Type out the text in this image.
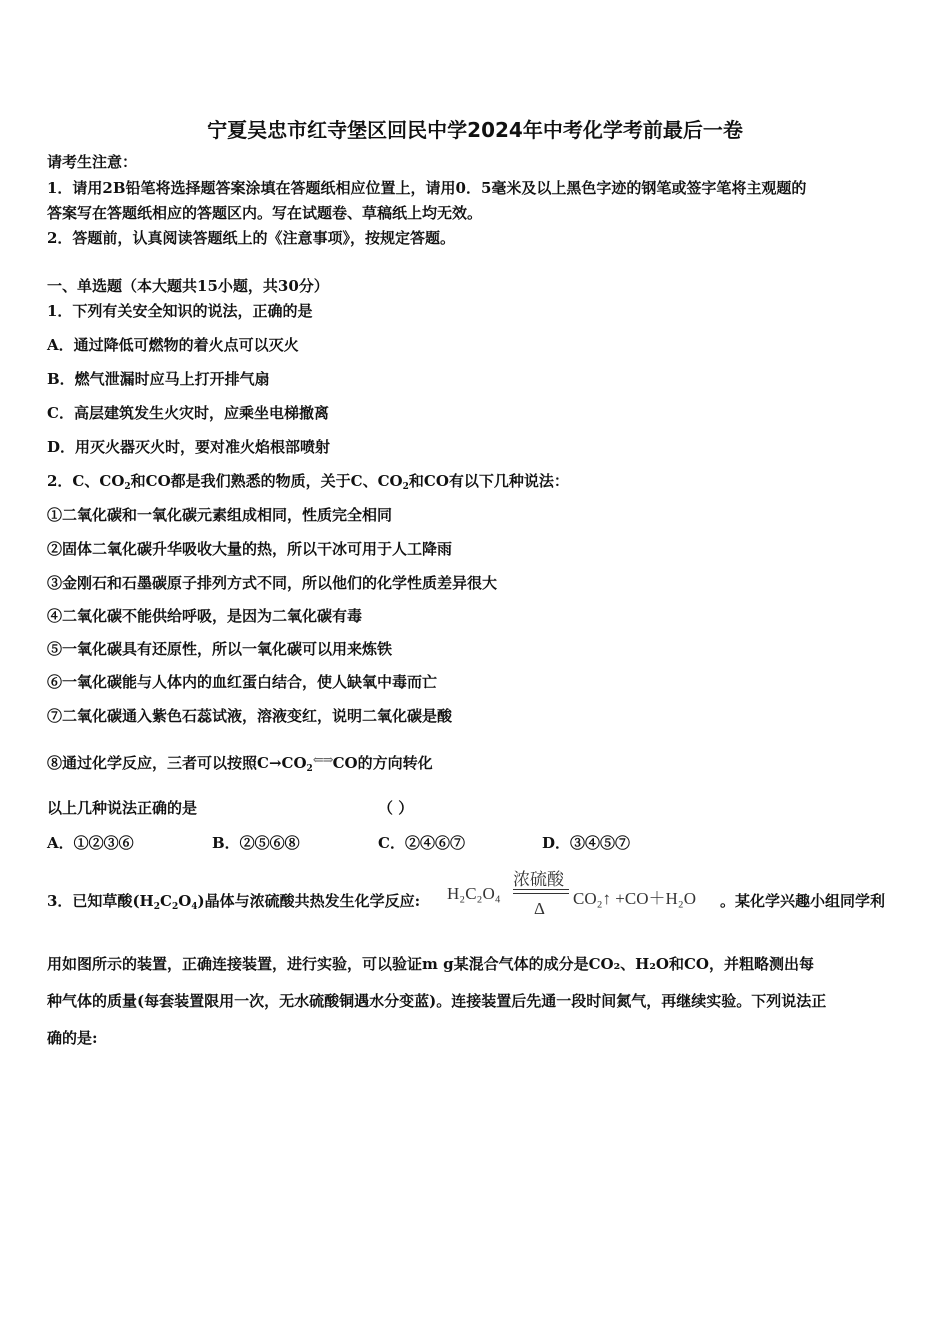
宁夏吴忠市红寺堡区回民中学2024年中考化学考前最后一卷
请考生注意：
1．请用2B铅笔将选择题答案涂填在答题纸相应位置上，请用0．5毫米及以上黑色字迹的钢笔或签字笔将主观题的
答案写在答题纸相应的答题区内。写在试题卷、草稿纸上均无效。
2．答题前，认真阅读答题纸上的《注意事项》，按规定答题。
一、单选题（本大题共15小题，共30分）
1．下列有关安全知识的说法，正确的是
A．通过降低可燃物的着火点可以灭火
B．燃气泄漏时应马上打开排气扇
C．高层建筑发生火灾时，应乘坐电梯撤离
D．用灭火器灭火时，要对准火焰根部喷射
2．C、$CO_2$和CO都是我们熟悉的物质，关于C、$CO_2$和CO有以下几种说法：
①二氧化碳和一氧化碳元素组成相同，性质完全相同
②固体二氧化碳升华吸收大量的热，所以干冰可用于人工降雨
③金刚石和石墨碳原子排列方式不同，所以他们的化学性质差异很大
④二氧化碳不能供给呼吸，是因为二氧化碳有毒
⑤一氧化碳具有还原性，所以一氧化碳可以用来炼铁
⑥一氧化碳能与人体内的血红蛋白结合，使人缺氧中毒而亡
⑦二氧化碳通入紫色石蕊试液，溶液变红，说明二氧化碳是酸
⑧通过化学反应，三者可以按照$C\to CO_2⇐\Rightarrow CO$的方向转化
以上几种说法正确的是	（ ）
A．①②③⑥	B．②⑤⑥⑧	C．②④⑥⑦	D．③④⑤⑦
3．已知草酸$(H_2C_2O_4)$晶体与浓硫酸共热发生化学反应: H₂C₂O₄
浓硫酸
Δ
CO₂↑ +CO＋H₂O 。某化学兴趣小组同学利
用如图所示的装置，正确连接装置，进行实验，可以验证m g某混合气体的成分是CO₂、H₂O和CO，并粗略测出每
种气体的质量(每套装置限用一次，无水硫酸铜遇水分变蓝)。连接装置后先通一段时间氮气，再继续实验。下列说法正
确的是:
